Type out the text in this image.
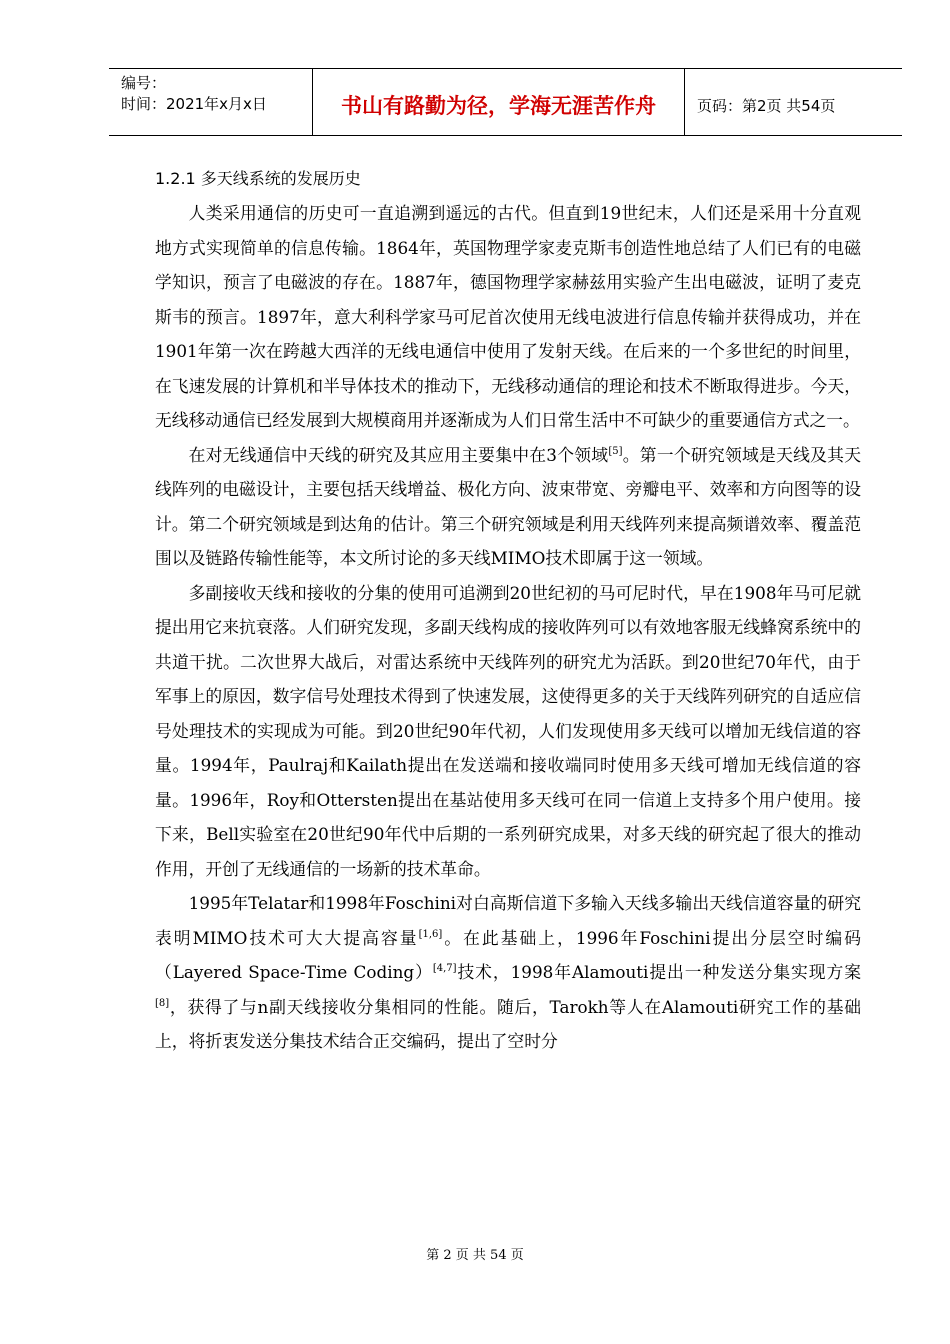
编号：
时间：2021年x月x日	书山有路勤为径，学海无涯苦作舟	页码：第2页 共54页
1.2.1 多天线系统的发展历史

人类采用通信的历史可一直追溯到遥远的古代。但直到19世纪末，人们还是采用十分直观地方式实现简单的信息传输。1864年，英国物理学家麦克斯韦创造性地总结了人们已有的电磁学知识，预言了电磁波的存在。1887年，德国物理学家赫兹用实验产生出电磁波，证明了麦克斯韦的预言。1897年，意大利科学家马可尼首次使用无线电波进行信息传输并获得成功，并在1901年第一次在跨越大西洋的无线电通信中使用了发射天线。在后来的一个多世纪的时间里，在飞速发展的计算机和半导体技术的推动下，无线移动通信的理论和技术不断取得进步。今天，无线移动通信已经发展到大规模商用并逐渐成为人们日常生活中不可缺少的重要通信方式之一。

在对无线通信中天线的研究及其应用主要集中在3个领域[5]。第一个研究领域是天线及其天线阵列的电磁设计，主要包括天线增益、极化方向、波束带宽、旁瓣电平、效率和方向图等的设计。第二个研究领域是到达角的估计。第三个研究领域是利用天线阵列来提高频谱效率、覆盖范围以及链路传输性能等，本文所讨论的多天线MIMO技术即属于这一领域。

多副接收天线和接收的分集的使用可追溯到20世纪初的马可尼时代，早在1908年马可尼就提出用它来抗衰落。人们研究发现，多副天线构成的接收阵列可以有效地客服无线蜂窝系统中的共道干扰。二次世界大战后，对雷达系统中天线阵列的研究尤为活跃。到20世纪70年代，由于军事上的原因，数字信号处理技术得到了快速发展，这使得更多的关于天线阵列研究的自适应信号处理技术的实现成为可能。到20世纪90年代初，人们发现使用多天线可以增加无线信道的容量。1994年，Paulraj和Kailath提出在发送端和接收端同时使用多天线可增加无线信道的容量。1996年，Roy和Ottersten提出在基站使用多天线可在同一信道上支持多个用户使用。接下来，Bell实验室在20世纪90年代中后期的一系列研究成果，对多天线的研究起了很大的推动作用，开创了无线通信的一场新的技术革命。

1995年Telatar和1998年Foschini对白高斯信道下多输入天线多输出天线信道容量的研究表明MIMO技术可大大提高容量[1,6]。在此基础上，1996年Foschini提出分层空时编码（Layered Space-Time Coding）[4,7]技术，1998年Alamouti提出一种发送分集实现方案[8]，获得了与n副天线接收分集相同的性能。随后，Tarokh等人在Alamouti研究工作的基础上，将折衷发送分集技术结合正交编码，提出了空时分

第 2 页 共 54 页
